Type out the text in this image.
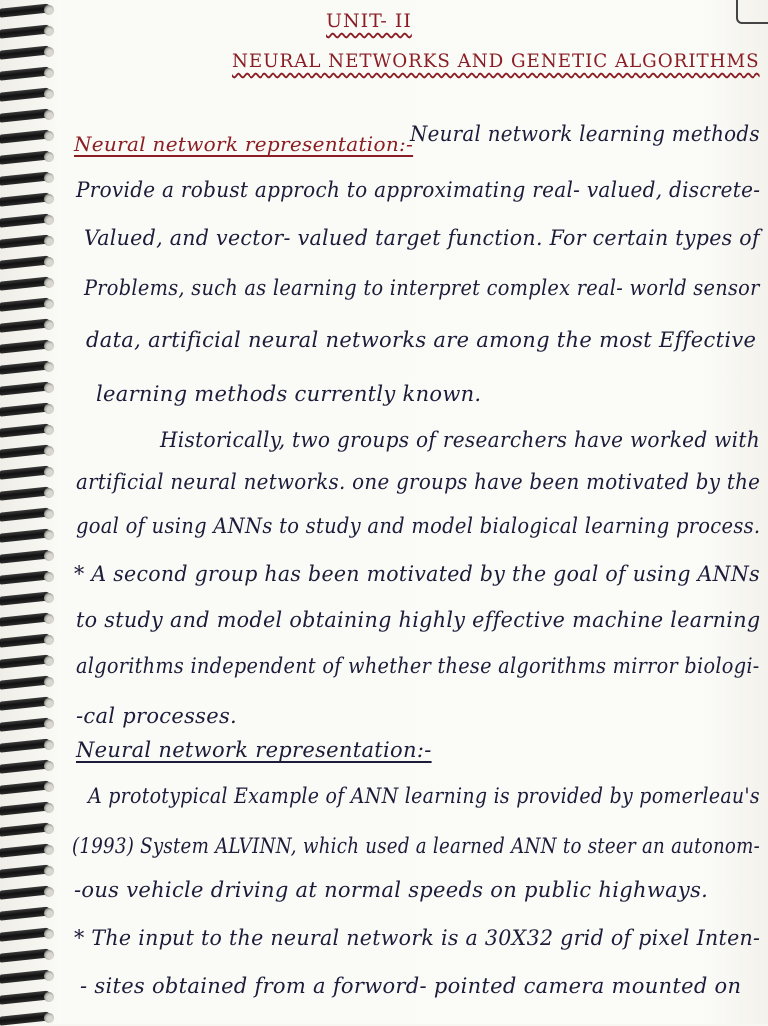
UNIT- II
NEURAL NETWORKS AND GENETIC ALGORITHMS
Neural network representation:-
Neural network learning methods
Provide a robust approch to approximating real- valued, discrete-
Valued, and vector- valued target function. For certain types of
Problems, such as learning to interpret complex real- world sensor
data, artificial neural networks are among the most Effective
learning methods currently known.
Historically, two groups of researchers have worked with
artificial neural networks. one groups have been motivated by the
goal of using ANNs to study and model bialogical learning process.
* A second group has been motivated by the goal of using ANNs
to study and model obtaining highly effective machine learning
algorithms independent of whether these algorithms mirror biologi-
-cal processes.
Neural network representation:-
A prototypical Example of ANN learning is provided by pomerleau's
(1993) System ALVINN, which used a learned ANN to steer an autonom-
-ous vehicle driving at normal speeds on public highways.
* The input to the neural network is a 30X32 grid of pixel Inten-
- sites obtained from a forword- pointed camera mounted on
